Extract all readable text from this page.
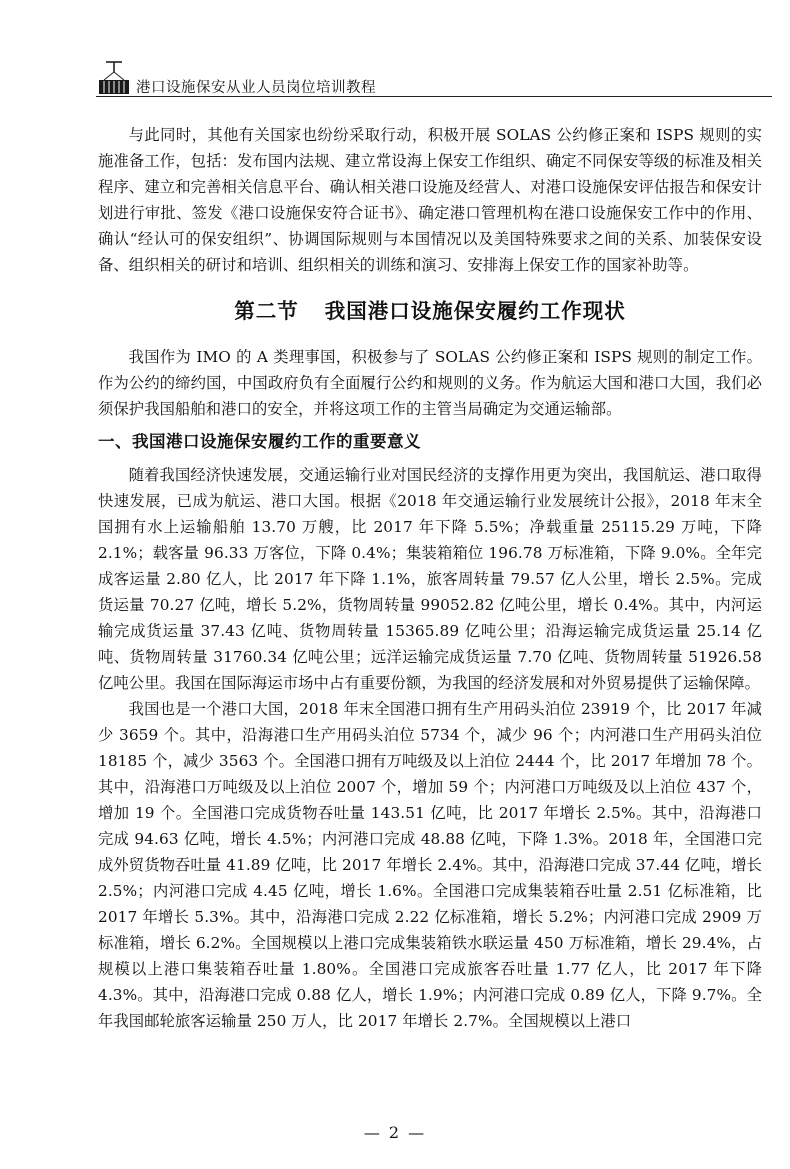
港口设施保安从业人员岗位培训教程

与此同时，其他有关国家也纷纷采取行动，积极开展 SOLAS 公约修正案和 ISPS 规则的实施准备工作，包括：发布国内法规、建立常设海上保安工作组织、确定不同保安等级的标准及相关程序、建立和完善相关信息平台、确认相关港口设施及经营人、对港口设施保安评估报告和保安计划进行审批、签发《港口设施保安符合证书》、确定港口管理机构在港口设施保安工作中的作用、确认“经认可的保安组织”、协调国际规则与本国情况以及美国特殊要求之间的关系、加装保安设备、组织相关的研讨和培训、组织相关的训练和演习、安排海上保安工作的国家补助等。

第二节 我国港口设施保安履约工作现状

我国作为 IMO 的 A 类理事国，积极参与了 SOLAS 公约修正案和 ISPS 规则的制定工作。作为公约的缔约国，中国政府负有全面履行公约和规则的义务。作为航运大国和港口大国，我们必须保护我国船舶和港口的安全，并将这项工作的主管当局确定为交通运输部。

一、我国港口设施保安履约工作的重要意义

随着我国经济快速发展，交通运输行业对国民经济的支撑作用更为突出，我国航运、港口取得快速发展，已成为航运、港口大国。根据《2018 年交通运输行业发展统计公报》，2018 年末全国拥有水上运输船舶 13.70 万艘，比 2017 年下降 5.5%；净载重量 25115.29 万吨，下降 2.1%；载客量 96.33 万客位，下降 0.4%；集装箱箱位 196.78 万标准箱，下降 9.0%。全年完成客运量 2.80 亿人，比 2017 年下降 1.1%，旅客周转量 79.57 亿人公里，增长 2.5%。完成货运量 70.27 亿吨，增长 5.2%，货物周转量 99052.82 亿吨公里，增长 0.4%。其中，内河运输完成货运量 37.43 亿吨、货物周转量 15365.89 亿吨公里；沿海运输完成货运量 25.14 亿吨、货物周转量 31760.34 亿吨公里；远洋运输完成货运量 7.70 亿吨、货物周转量 51926.58亿吨公里。我国在国际海运市场中占有重要份额，为我国的经济发展和对外贸易提供了运输保障。

我国也是一个港口大国，2018 年末全国港口拥有生产用码头泊位 23919 个，比 2017 年减少 3659 个。其中，沿海港口生产用码头泊位 5734 个，减少 96 个；内河港口生产用码头泊位 18185 个，减少 3563 个。全国港口拥有万吨级及以上泊位 2444 个，比 2017 年增加 78 个。其中，沿海港口万吨级及以上泊位 2007 个，增加 59 个；内河港口万吨级及以上泊位 437 个，增加 19 个。全国港口完成货物吞吐量 143.51 亿吨，比 2017 年增长 2.5%。其中，沿海港口完成 94.63 亿吨，增长 4.5%；内河港口完成 48.88 亿吨，下降 1.3%。2018 年，全国港口完成外贸货物吞吐量 41.89 亿吨，比 2017 年增长 2.4%。其中，沿海港口完成 37.44 亿吨，增长 2.5%；内河港口完成 4.45 亿吨，增长 1.6%。全国港口完成集装箱吞吐量 2.51 亿标准箱，比 2017 年增长 5.3%。其中，沿海港口完成 2.22 亿标准箱，增长 5.2%；内河港口完成 2909 万标准箱，增长 6.2%。全国规模以上港口完成集装箱铁水联运量 450 万标准箱，增长 29.4%，占规模以上港口集装箱吞吐量 1.80%。全国港口完成旅客吞吐量 1.77 亿人，比 2017 年下降 4.3%。其中，沿海港口完成 0.88 亿人，增长 1.9%；内河港口完成 0.89 亿人，下降 9.7%。全年我国邮轮旅客运输量 250 万人，比 2017 年增长 2.7%。全国规模以上港口

— 2 —
